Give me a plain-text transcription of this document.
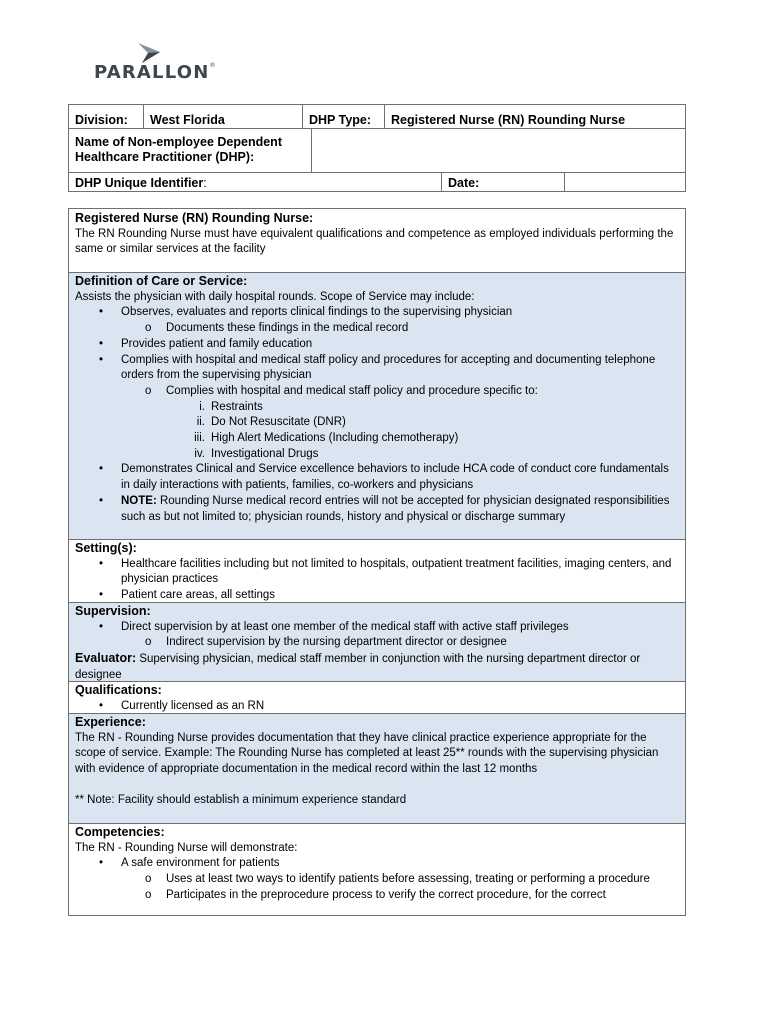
PARALLON®
Division:	West Florida	DHP Type:	Registered Nurse (RN) Rounding Nurse
Name of Non-employee Dependent
Healthcare Practitioner (DHP):
DHP Unique Identifier:	Date:
Registered Nurse (RN) Rounding Nurse:
The RN Rounding Nurse must have equivalent qualifications and competence as employed individuals performing the same or similar services at the facility
Definition of Care or Service:
Assists the physician with daily hospital rounds. Scope of Service may include:
• Observes, evaluates and reports clinical findings to the supervising physician
o Documents these findings in the medical record
• Provides patient and family education
• Complies with hospital and medical staff policy and procedures for accepting and documenting telephone orders from the supervising physician
o Complies with hospital and medical staff policy and procedure specific to:
i. Restraints
ii. Do Not Resuscitate (DNR)
iii. High Alert Medications (Including chemotherapy)
iv. Investigational Drugs
• Demonstrates Clinical and Service excellence behaviors to include HCA code of conduct core fundamentals in daily interactions with patients, families, co-workers and physicians
• NOTE: Rounding Nurse medical record entries will not be accepted for physician designated responsibilities such as but not limited to; physician rounds, history and physical or discharge summary
Setting(s):
• Healthcare facilities including but not limited to hospitals, outpatient treatment facilities, imaging centers, and physician practices
• Patient care areas, all settings
Supervision:
• Direct supervision by at least one member of the medical staff with active staff privileges
o Indirect supervision by the nursing department director or designee
Evaluator: Supervising physician, medical staff member in conjunction with the nursing department director or designee
Qualifications:
• Currently licensed as an RN
Experience:
The RN - Rounding Nurse provides documentation that they have clinical practice experience appropriate for the scope of service. Example: The Rounding Nurse has completed at least 25** rounds with the supervising physician with evidence of appropriate documentation in the medical record within the last 12 months
** Note: Facility should establish a minimum experience standard
Competencies:
The RN - Rounding Nurse will demonstrate:
• A safe environment for patients
o Uses at least two ways to identify patients before assessing, treating or performing a procedure
o Participates in the preprocedure process to verify the correct procedure, for the correct
